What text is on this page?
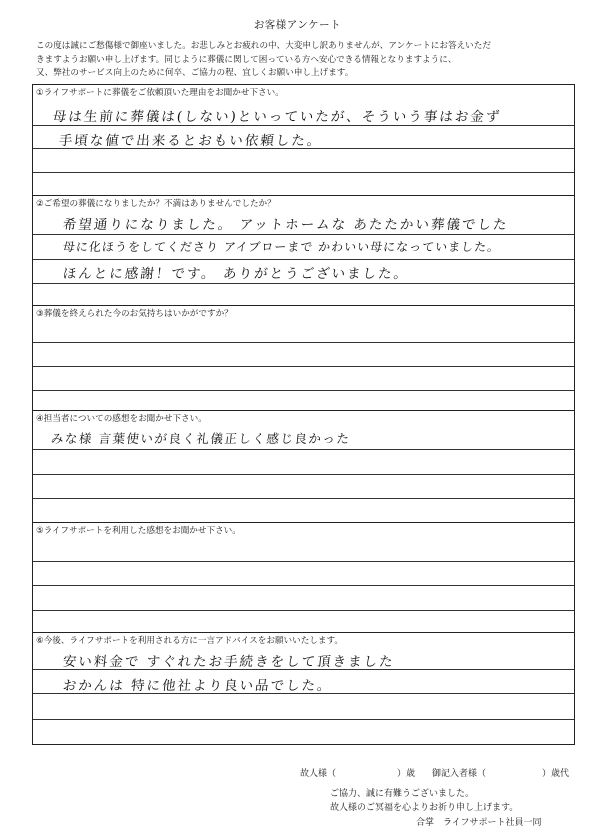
お客様アンケート
この度は誠にご愁傷様で御座いました。お悲しみとお疲れの中、大変申し訳ありませんが、アンケートにお答えいただ
きますようお願い申し上げます。同じように葬儀に関して困っている方へ安心できる情報となりますように、
又、弊社のサービス向上のために何卒、ご協力の程、宜しくお願い申し上げます。
①ライフサポートに葬儀をご依頼頂いた理由をお聞かせ下さい。
母は生前に葬儀は(しない)といっていたが、そういう事はお金ず
手頃な値で出来るとおもい依頼した。
②ご希望の葬儀になりましたか？不満はありませんでしたか？
希望通りになりました。 アットホームな あたたかい葬儀でした
母に化ほうをしてくださり アイブローまで かわいい母になっていました。
ほんとに感謝！です。 ありがとうございました。
③葬儀を終えられた今のお気持ちはいかがですか？
④担当者についての感想をお聞かせ下さい。
みな様 言葉使いが良く礼儀正しく感じ良かった
⑤ライフサポートを利用した感想をお聞かせ下さい。
⑥今後、ライフサポートを利用される方に一言アドバイスをお願いいたします。
安い料金で すぐれたお手続きをして頂きました
おかんは 特に他社より良い品でした。
故人様（	）歳 御記入者様（	）歳代
ご協力、誠に有難うございました。
故人様のご冥福を心よりお祈り申し上げます。
合掌　ライフサポート社員一同
